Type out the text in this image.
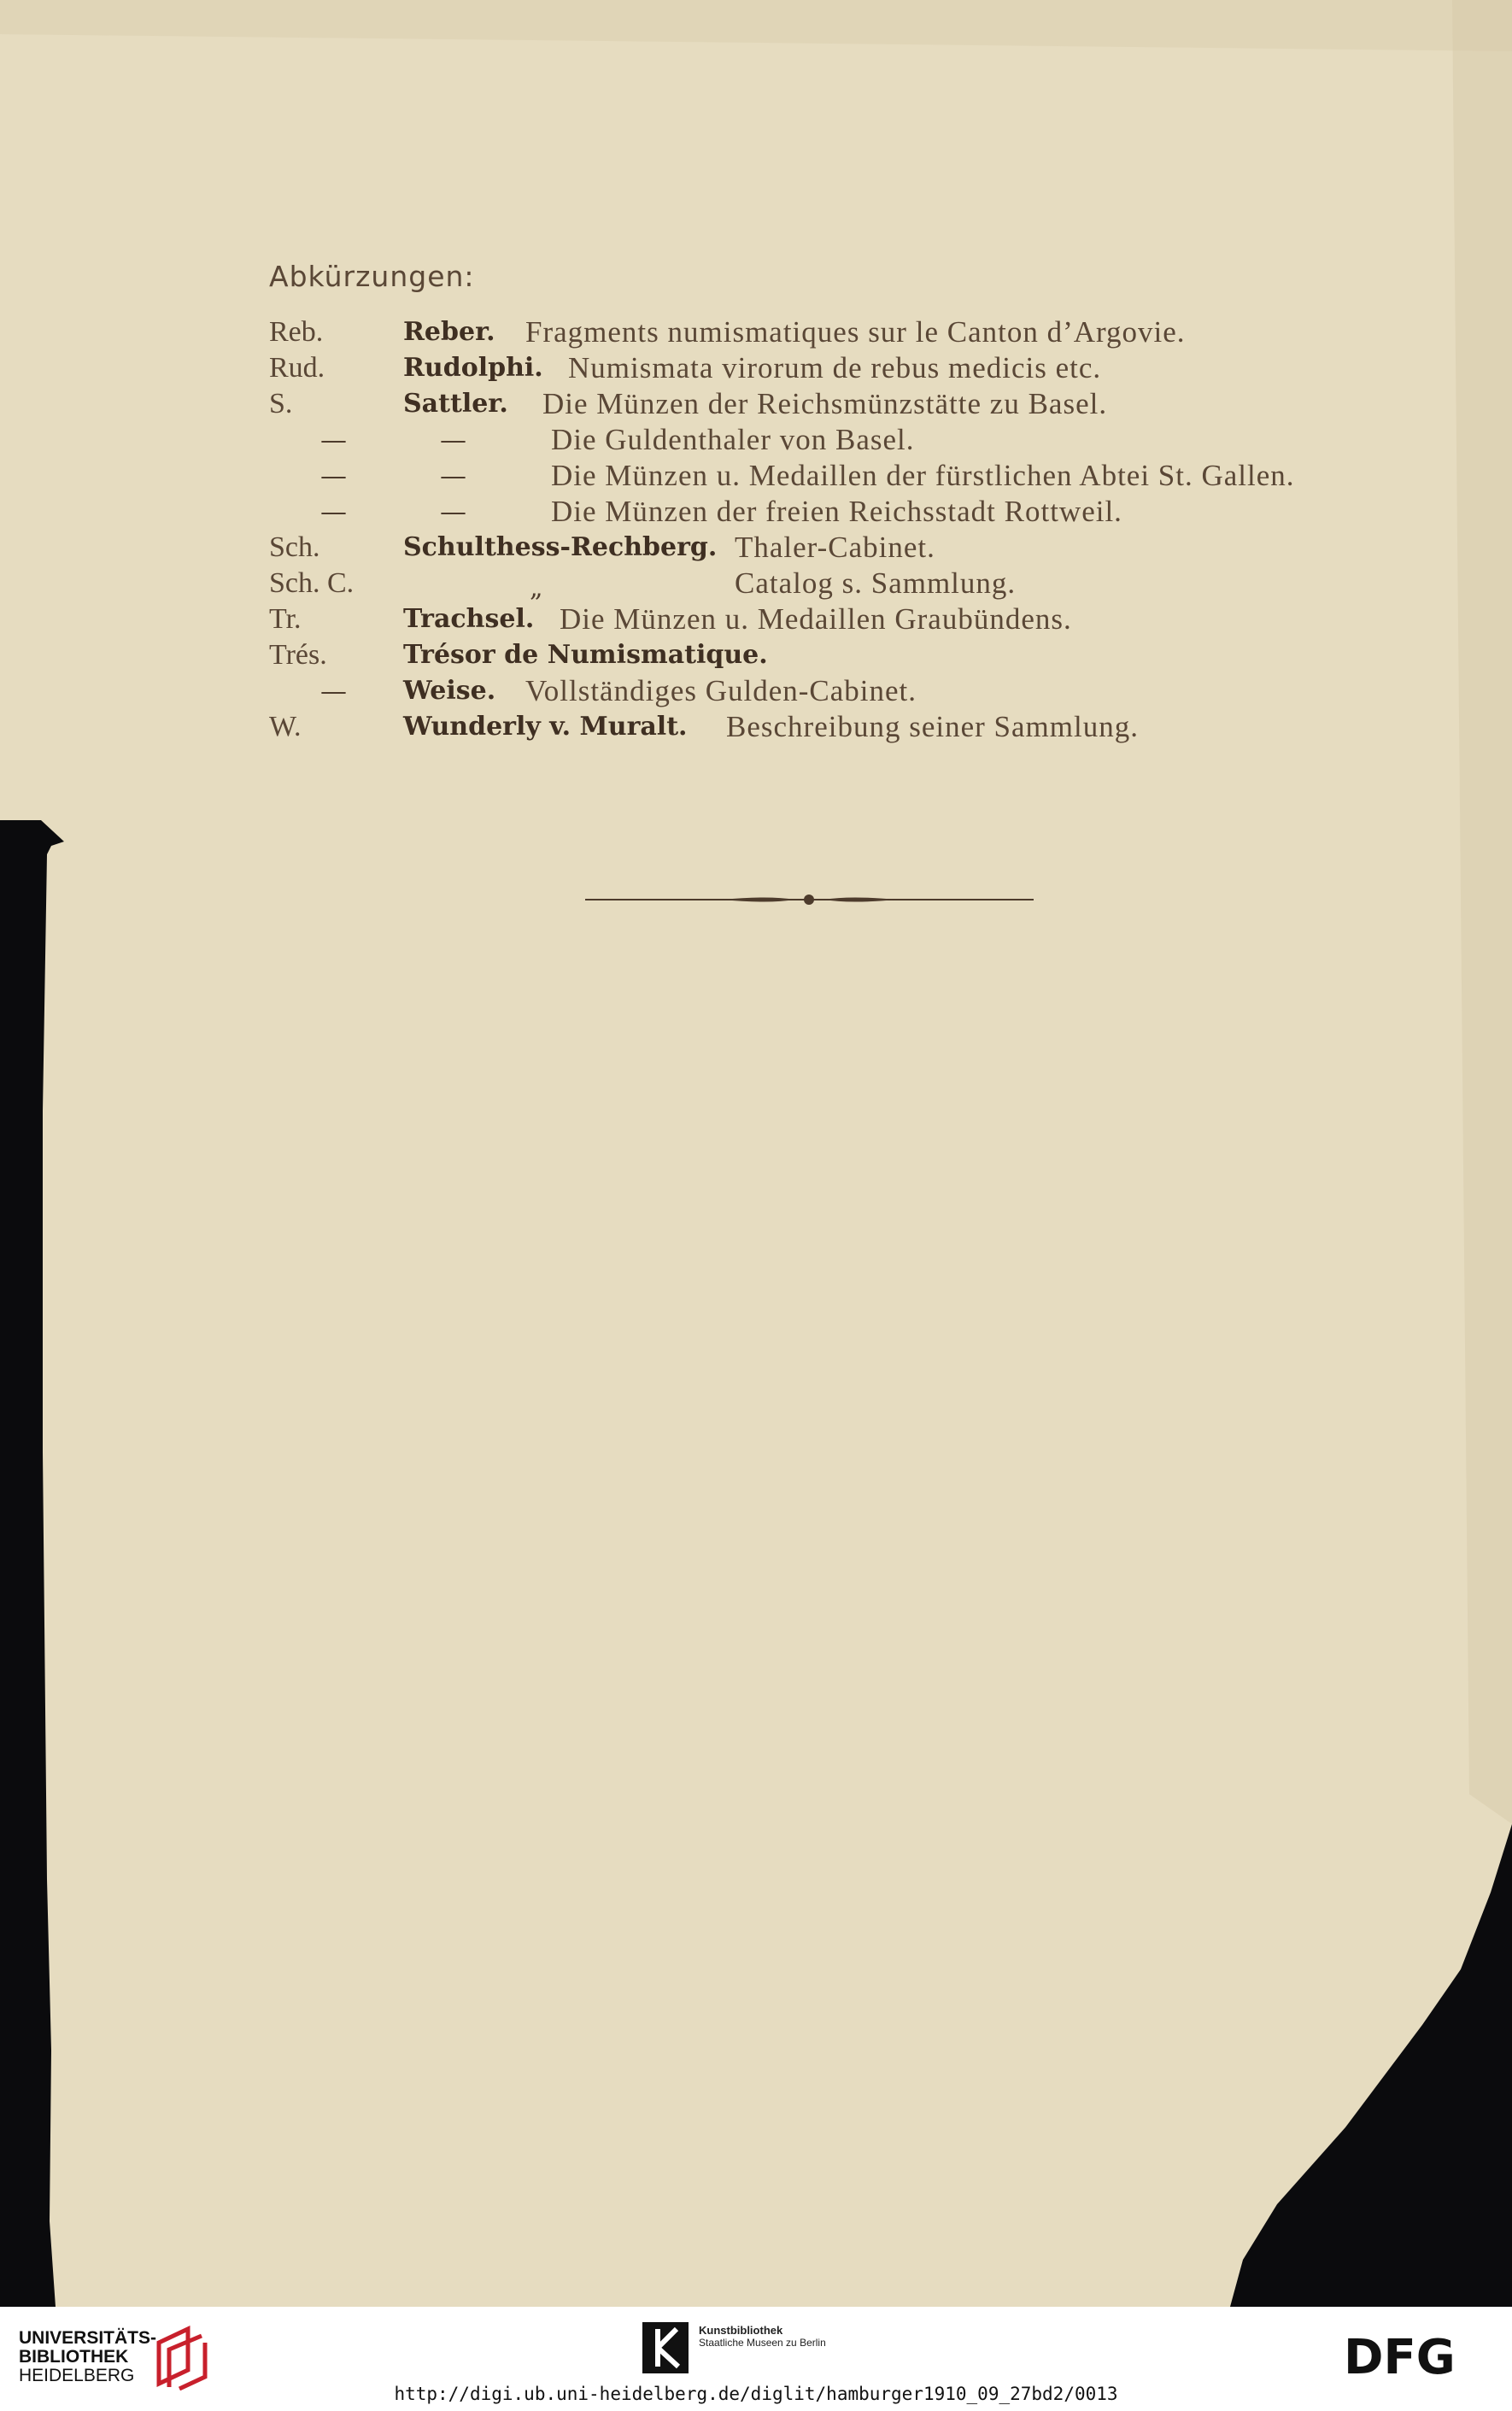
Abkürzungen:
Reb.	Reber. Fragments numismatiques sur le Canton d’Argovie.
Rud.	Rudolphi. Numismata virorum de rebus medicis etc.
S.	Sattler. Die Münzen der Reichsmünzstätte zu Basel.
—	—	Die Guldenthaler von Basel.
—	—	Die Münzen u. Medaillen der fürstlichen Abtei St. Gallen.
—	—	Die Münzen der freien Reichsstadt Rottweil.
Sch.	Schulthess-Rechberg. Thaler-Cabinet.
Sch. C.	„	Catalog s. Sammlung.
Tr.	Trachsel. Die Münzen u. Medaillen Graubündens.
Trés.	Trésor de Numismatique.
— Weise. Vollständiges Gulden-Cabinet.
W.	Wunderly v. Muralt. Beschreibung seiner Sammlung.
UNIVERSITÄTS-
BIBLIOTHEK
HEIDELBERG
Kunstbibliothek
Staatliche Museen zu Berlin	DFG
http://digi.ub.uni-heidelberg.de/diglit/hamburger1910_09_27bd2/0013
